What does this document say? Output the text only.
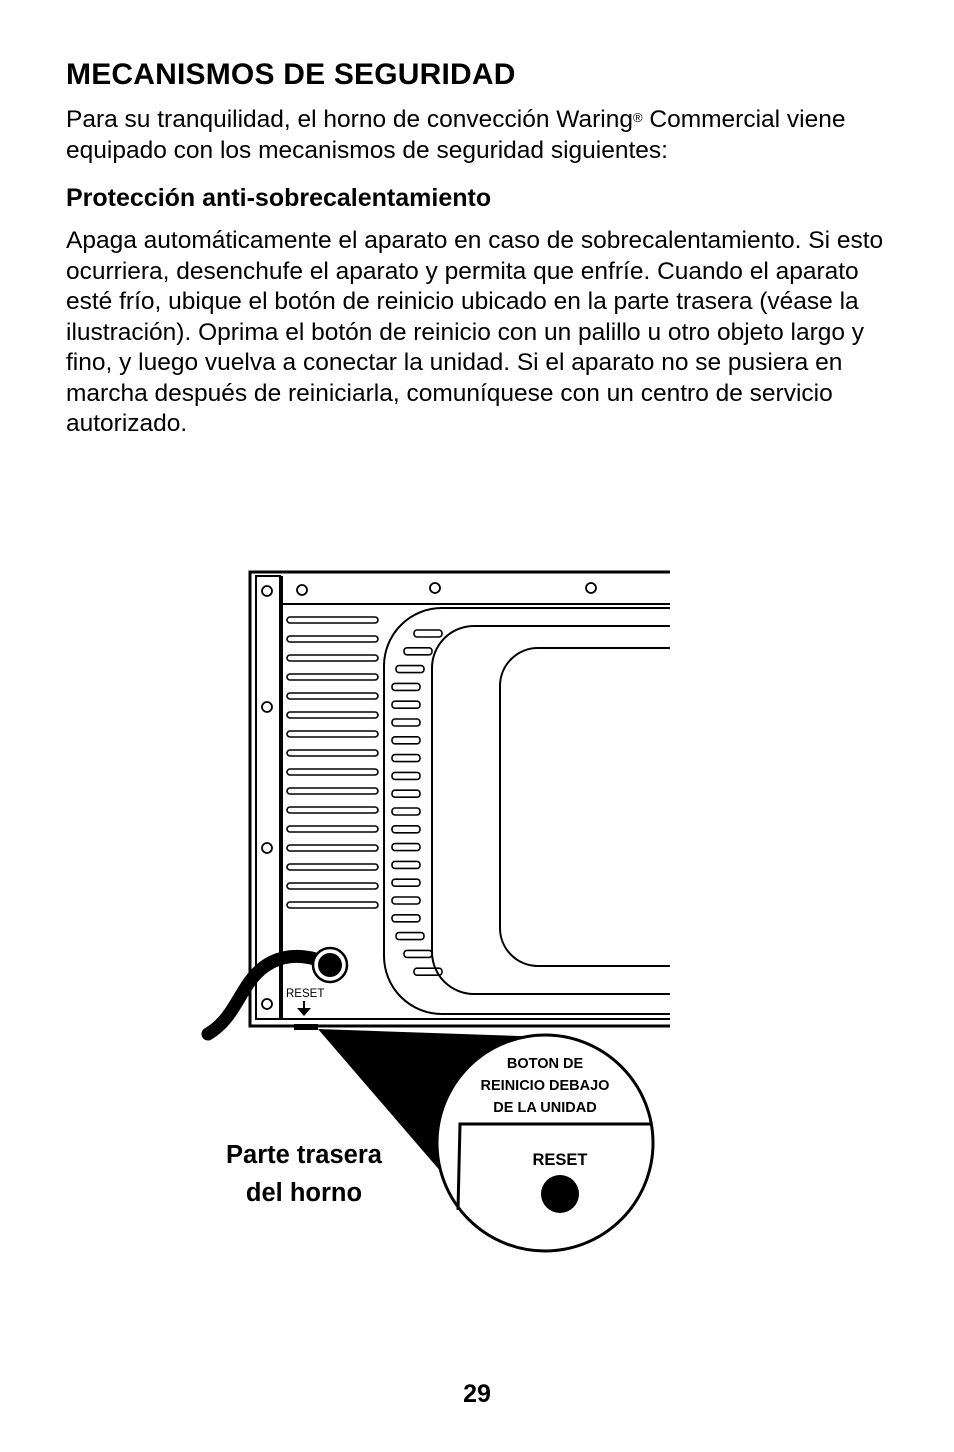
MECANISMOS DE SEGURIDAD

Para su tranquilidad, el horno de convección Waring® Commercial viene equipado con los mecanismos de seguridad siguientes:

Protección anti-sobrecalentamiento

Apaga automáticamente el aparato en caso de sobrecalentamiento. Si esto ocurriera, desenchufe el aparato y permita que enfríe. Cuando el aparato esté frío, ubique el botón de reinicio ubicado en la parte trasera (véase la ilustración). Oprima el botón de reinicio con un palillo u otro objeto largo y fino, y luego vuelva a conectar la unidad. Si el aparato no se pusiera en marcha después de reiniciarla, comuníquese con un centro de servicio autorizado.

RESET
BOTON DE
REINICIO DEBAJO
DE LA UNIDAD
RESET

Parte trasera
del horno

29
